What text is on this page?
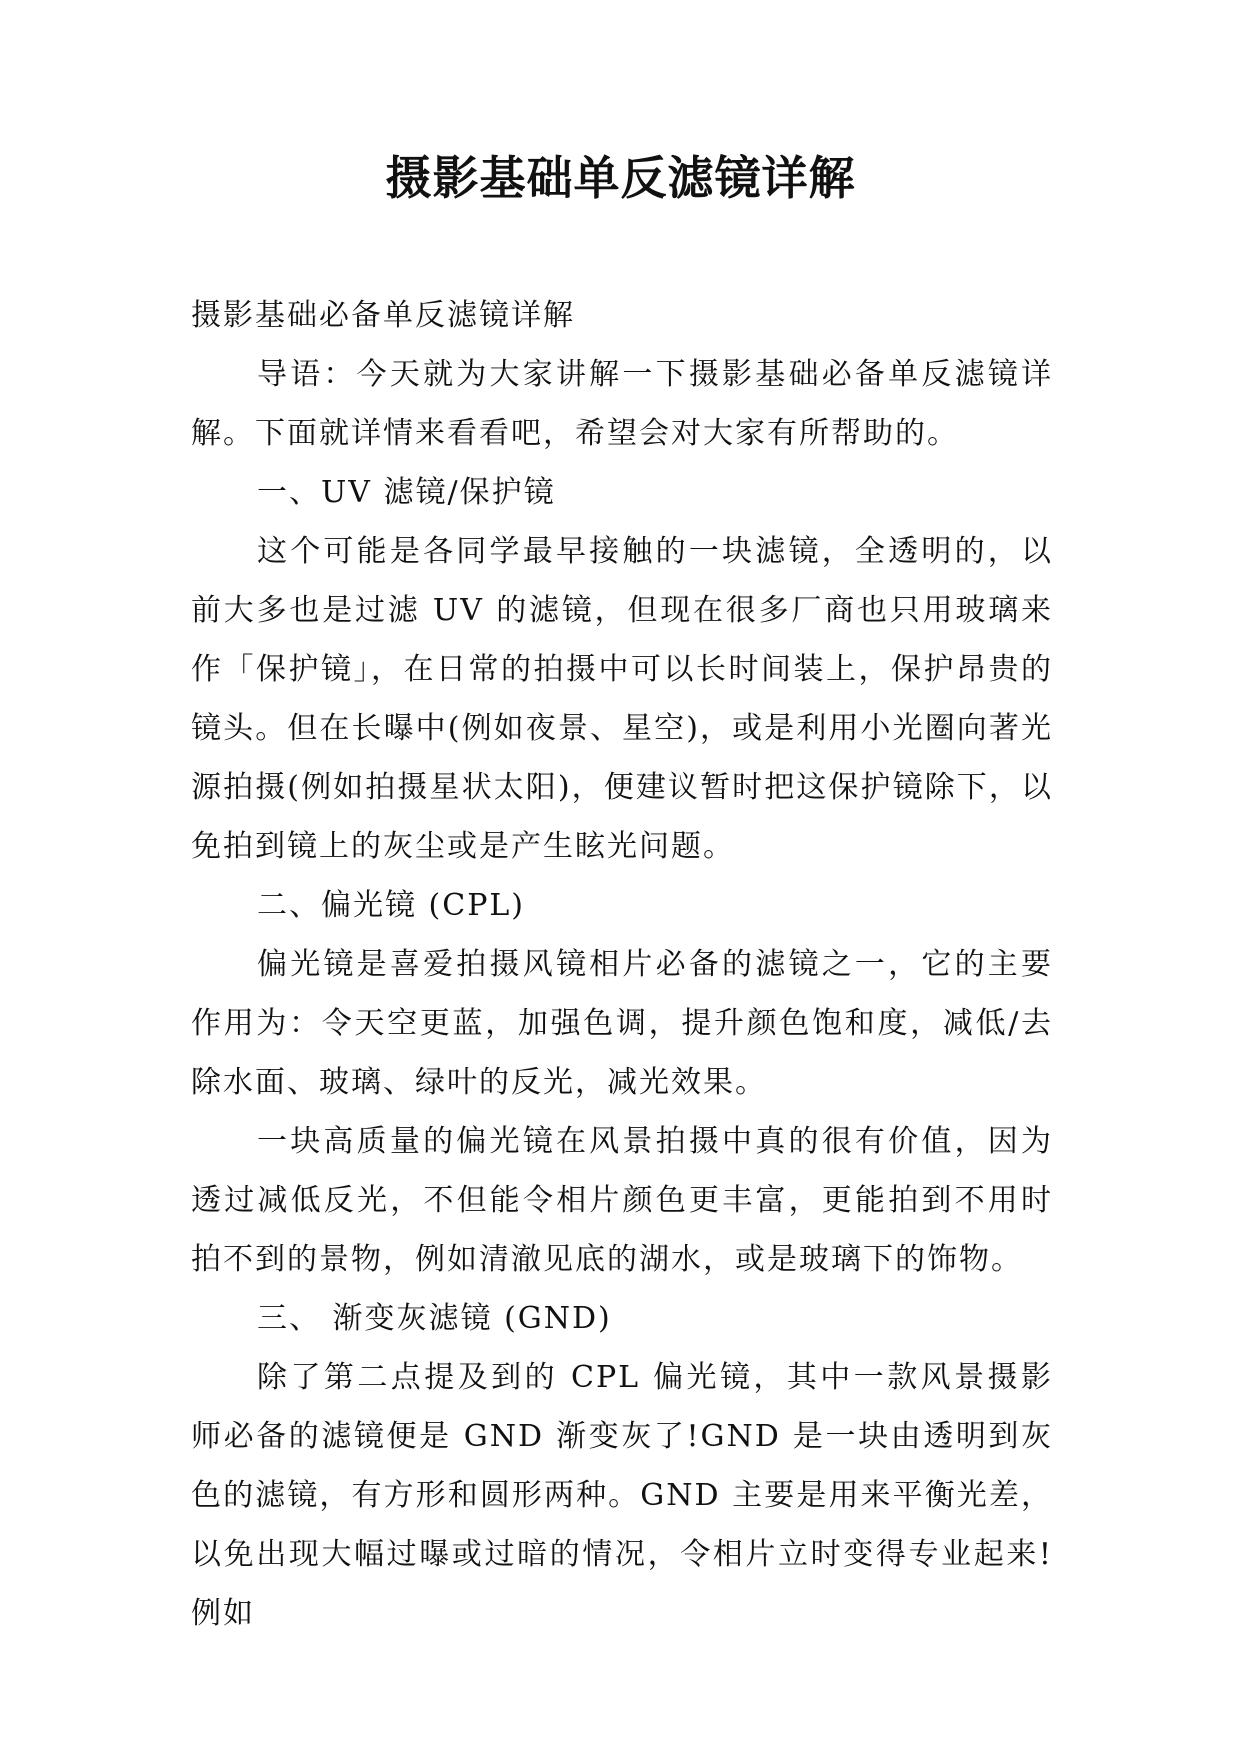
摄影基础单反滤镜详解

摄影基础必备单反滤镜详解

导语：今天就为大家讲解一下摄影基础必备单反滤镜详解。下面就详情来看看吧，希望会对大家有所帮助的。

一、UV 滤镜/保护镜

这个可能是各同学最早接触的一块滤镜，全透明的，以前大多也是过滤 UV 的滤镜，但现在很多厂商也只用玻璃来作「保护镜」，在日常的拍摄中可以长时间装上，保护昂贵的镜头。但在长曝中(例如夜景、星空)，或是利用小光圈向著光源拍摄(例如拍摄星状太阳)，便建议暂时把这保护镜除下，以免拍到镜上的灰尘或是产生眩光问题。

二、偏光镜 (CPL)

偏光镜是喜爱拍摄风镜相片必备的滤镜之一，它的主要作用为：令天空更蓝，加强色调，提升颜色饱和度，减低/去除水面、玻璃、绿叶的反光，减光效果。

一块高质量的偏光镜在风景拍摄中真的很有价值，因为透过减低反光，不但能令相片颜色更丰富，更能拍到不用时拍不到的景物，例如清澈见底的湖水，或是玻璃下的饰物。

三、 渐变灰滤镜 (GND)

除了第二点提及到的 CPL 偏光镜，其中一款风景摄影师必备的滤镜便是 GND 渐变灰了!GND 是一块由透明到灰色的滤镜，有方形和圆形两种。GND 主要是用来平衡光差，以免出现大幅过曝或过暗的情况，令相片立时变得专业起来!例如
